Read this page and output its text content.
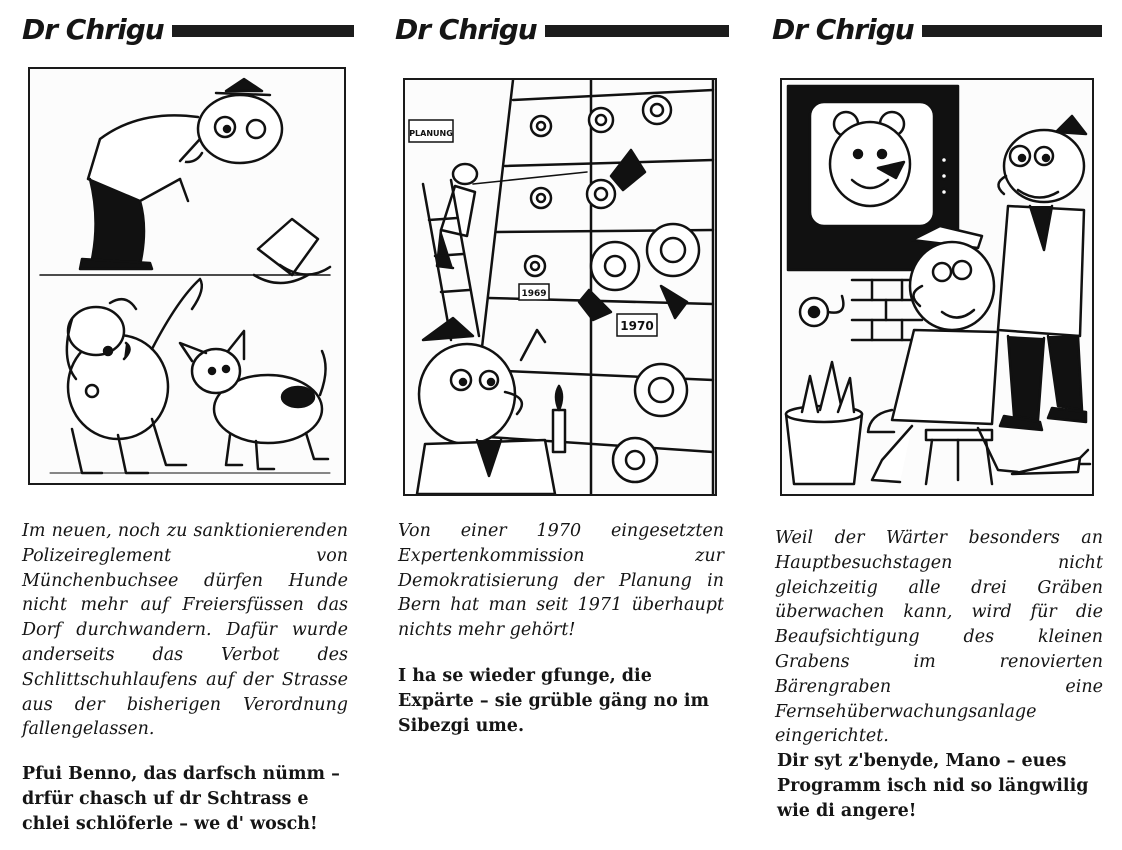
Dr Chrigu

Im neuen, noch zu sanktionierenden Polizeireglement von Münchenbuchsee dürfen Hunde nicht mehr auf Freiersfüssen das Dorf durchwandern. Dafür wurde anderseits das Verbot des Schlittschuhlaufens auf der Strasse aus der bisherigen Verordnung fallengelassen.

Pfui Benno, das darfsch nümm – drfür chasch uf dr Schtrass e chlei schlöferle – we d' wosch!

Dr Chrigu
PLANUNG
1969
1970

Von einer 1970 eingesetzten Expertenkommission zur Demokratisierung der Planung in Bern hat man seit 1971 überhaupt nichts mehr gehört!

I ha se wieder gfunge, die Expärte – sie grüble gäng no im Sibezgi ume.

Dr Chrigu

Weil der Wärter besonders an Hauptbesuchstagen nicht gleichzeitig alle drei Gräben überwachen kann, wird für die Beaufsichtigung des kleinen Grabens im renovierten Bärengraben eine Fernsehüberwachungsanlage eingerichtet.

Dir syt z'benyde, Mano – eues Programm isch nid so längwilig wie di angere!
